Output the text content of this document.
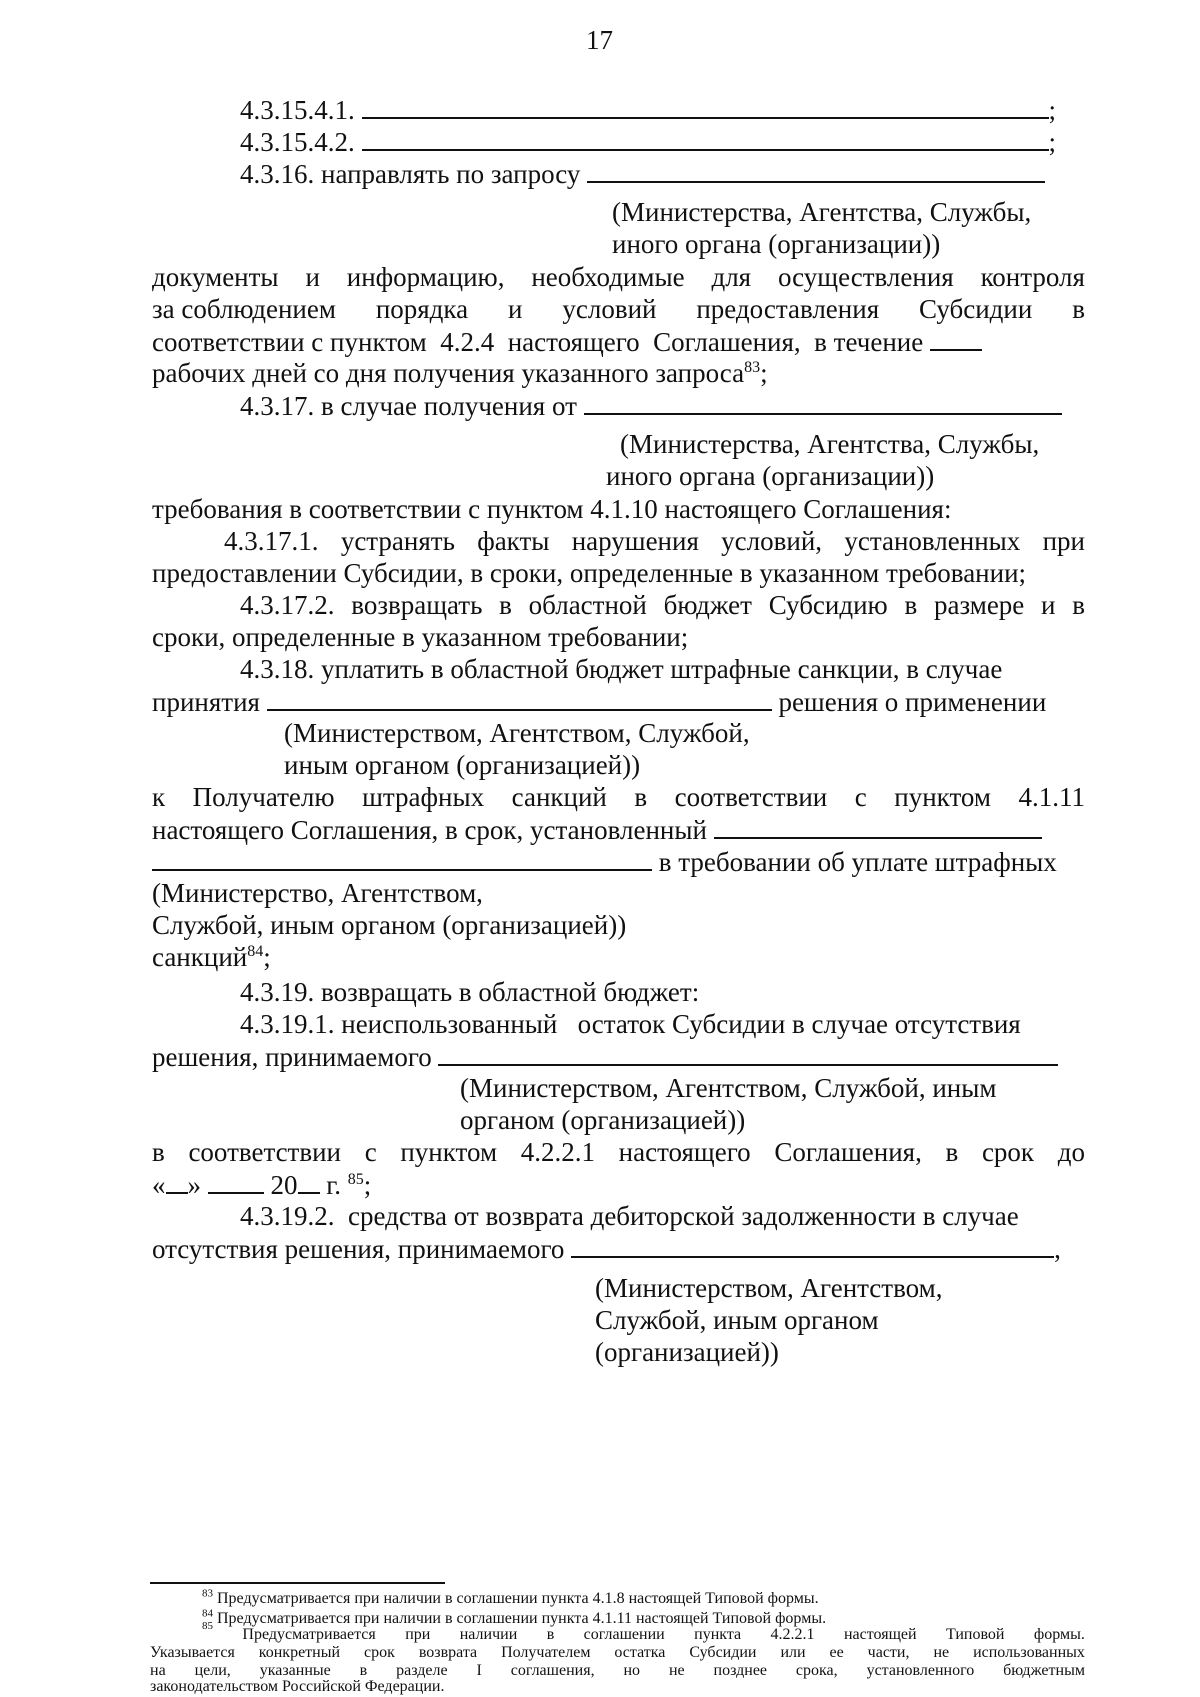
17
4.3.15.4.1.	;
4.3.15.4.2.	;
4.3.16. направлять по запросу
(Министерства, Агентства, Службы,
иного органа (организации))
документы и информацию, необходимые для осуществления контроля
за соблюдением порядка и условий предоставления Субсидии в
соответствии с пунктом  4.2.4  настоящего  Соглашения,  в течение
рабочих дней со дня получения указанного запроса$^{83}$;
4.3.17. в случае получения от
(Министерства, Агентства, Службы,
иного органа (организации))
требования в соответствии с пунктом 4.1.10 настоящего Соглашения:
4.3.17.1. устранять факты нарушения условий, установленных при
предоставлении Субсидии, в сроки, определенные в указанном требовании;
4.3.17.2. возвращать в областной бюджет Субсидию в размере и в
сроки, определенные в указанном требовании;
4.3.18. уплатить в областной бюджет штрафные санкции, в случае
принятия	решения о применении
(Министерством, Агентством, Службой,
иным органом (организацией))
к Получателю штрафных санкций в соответствии с пунктом 4.1.11
настоящего Соглашения, в срок, установленный
в требовании об уплате штрафных
(Министерство, Агентством,
Службой, иным органом (организацией))
санкций$^{84}$;
4.3.19. возвращать в областной бюджет:
4.3.19.1. неиспользованный   остаток Субсидии в случае отсутствия
решения, принимаемого
(Министерством, Агентством, Службой, иным
органом (организацией))
в соответствии с пунктом 4.2.2.1 настоящего Соглашения, в срок до
« »	20 г. $^{85}$;
4.3.19.2.  средства от возврата дебиторской задолженности в случае
отсутствия решения, принимаемого	,
(Министерством, Агентством,
Службой, иным органом
(организацией))
$^{83}$ Предусматривается при наличии в соглашении пункта 4.1.8 настоящей Типовой формы.
$^{84}$ Предусматривается при наличии в соглашении пункта 4.1.11 настоящей Типовой формы.
85 Предусматривается при наличии в соглашении пункта 4.2.2.1 настоящей Типовой формы.
Указывается конкретный срок возврата Получателем остатка Субсидии или ее части, не использованных
на цели, указанные в разделе I соглашения, но не позднее срока, установленного бюджетным
законодательством Российской Федерации.
